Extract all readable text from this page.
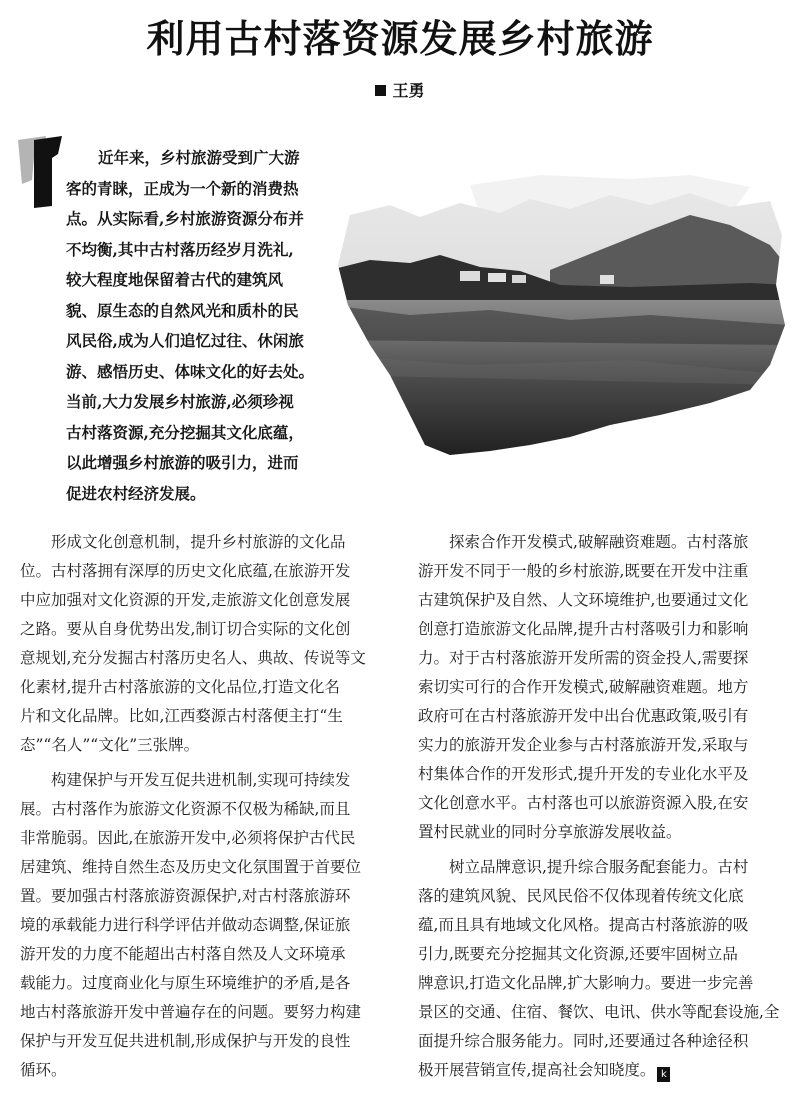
利用古村落资源发展乡村旅游
王勇
近年来，乡村旅游受到广大游
客的青睐，正成为一个新的消费热
点。从实际看,乡村旅游资源分布并
不均衡,其中古村落历经岁月洗礼,
较大程度地保留着古代的建筑风
貌、原生态的自然风光和质朴的民
风民俗,成为人们追忆过往、休闲旅
游、感悟历史、体味文化的好去处。
当前,大力发展乡村旅游,必须珍视
古村落资源,充分挖掘其文化底蕴，
以此增强乡村旅游的吸引力，进而
促进农村经济发展。

形成文化创意机制，提升乡村旅游的文化品
位。古村落拥有深厚的历史文化底蕴,在旅游开发
中应加强对文化资源的开发,走旅游文化创意发展
之路。要从自身优势出发,制订切合实际的文化创
意规划,充分发掘古村落历史名人、典故、传说等文
化素材,提升古村落旅游的文化品位,打造文化名
片和文化品牌。比如,江西婺源古村落便主打“生
态”“名人”“文化”三张牌。

构建保护与开发互促共进机制,实现可持续发
展。古村落作为旅游文化资源不仅极为稀缺,而且
非常脆弱。因此,在旅游开发中,必须将保护古代民
居建筑、维持自然生态及历史文化氛围置于首要位
置。要加强古村落旅游资源保护,对古村落旅游环
境的承载能力进行科学评估并做动态调整,保证旅
游开发的力度不能超出古村落自然及人文环境承
载能力。过度商业化与原生环境维护的矛盾,是各
地古村落旅游开发中普遍存在的问题。要努力构建
保护与开发互促共进机制,形成保护与开发的良性
循环。

探索合作开发模式,破解融资难题。古村落旅
游开发不同于一般的乡村旅游,既要在开发中注重
古建筑保护及自然、人文环境维护,也要通过文化
创意打造旅游文化品牌,提升古村落吸引力和影响
力。对于古村落旅游开发所需的资金投人,需要探
索切实可行的合作开发模式,破解融资难题。地方
政府可在古村落旅游开发中出台优惠政策,吸引有
实力的旅游开发企业参与古村落旅游开发,采取与
村集体合作的开发形式,提升开发的专业化水平及
文化创意水平。古村落也可以旅游资源入股,在安
置村民就业的同时分享旅游发展收益。

树立品牌意识,提升综合服务配套能力。古村
落的建筑风貌、民风民俗不仅体现着传统文化底
蕴,而且具有地域文化风格。提高古村落旅游的吸
引力,既要充分挖掘其文化资源,还要牢固树立品
牌意识,打造文化品牌,扩大影响力。要进一步完善
景区的交通、住宿、餐饮、电讯、供水等配套设施,全
面提升综合服务能力。同时,还要通过各种途径积
极开展营销宣传,提高社会知晓度。 k
